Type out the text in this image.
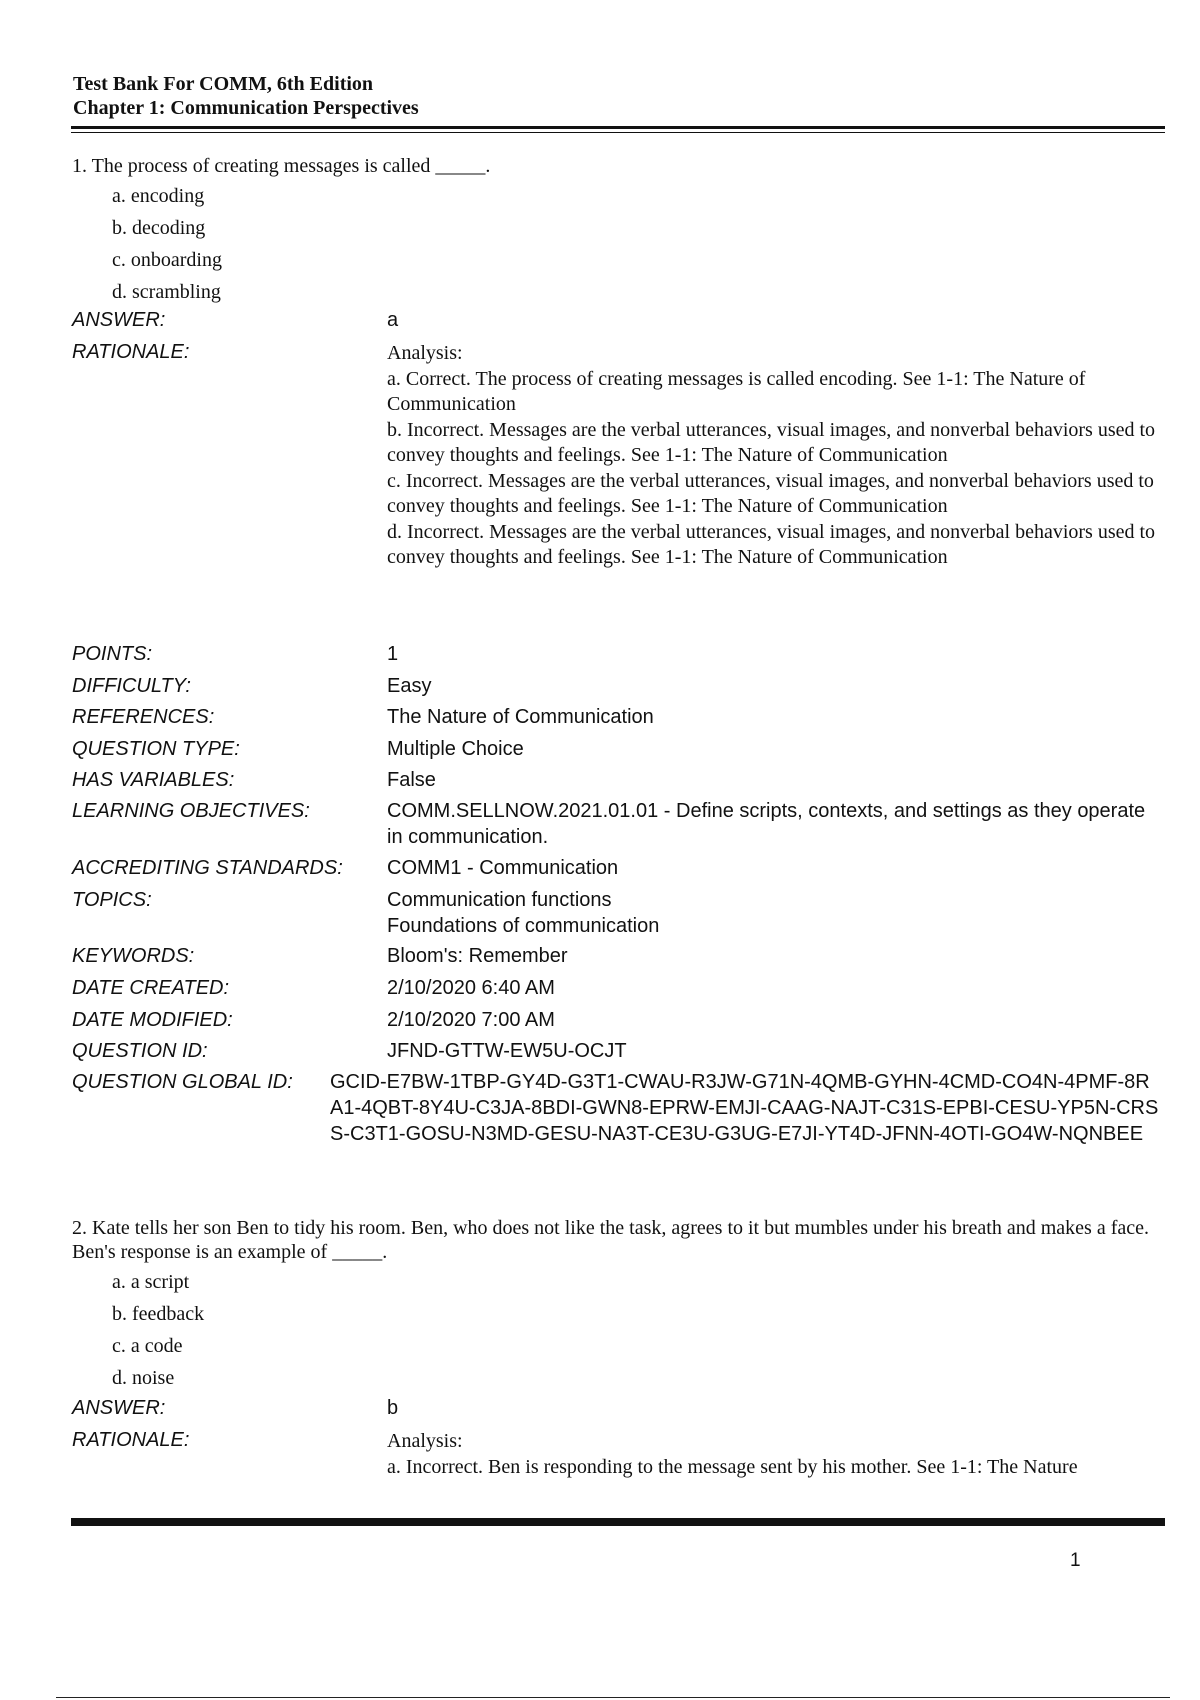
Test Bank For COMM, 6th Edition
Chapter 1: Communication Perspectives
1. The process of creating messages is called _____.
a. encoding
b. decoding
c. onboarding
d. scrambling
ANSWER:	a
RATIONALE:	Analysis:
a. Correct. The process of creating messages is called encoding. See 1-1: The Nature of Communication
b. Incorrect. Messages are the verbal utterances, visual images, and nonverbal behaviors used to convey thoughts and feelings. See 1-1: The Nature of Communication
c. Incorrect. Messages are the verbal utterances, visual images, and nonverbal behaviors used to convey thoughts and feelings. See 1-1: The Nature of Communication
d. Incorrect. Messages are the verbal utterances, visual images, and nonverbal behaviors used to convey thoughts and feelings. See 1-1: The Nature of Communication
POINTS:	1
DIFFICULTY:	Easy
REFERENCES:	The Nature of Communication
QUESTION TYPE:	Multiple Choice
HAS VARIABLES:	False
LEARNING OBJECTIVES:	COMM.SELLNOW.2021.01.01 - Define scripts, contexts, and settings as they operate in communication.
ACCREDITING STANDARDS:	COMM1 - Communication
TOPICS:	Communication functions
Foundations of communication
KEYWORDS:	Bloom's: Remember
DATE CREATED:	2/10/2020 6:40 AM
DATE MODIFIED:	2/10/2020 7:00 AM
QUESTION ID:	JFND-GTTW-EW5U-OCJT
QUESTION GLOBAL ID:	GCID-E7BW-1TBP-GY4D-G3T1-CWAU-R3JW-G71N-4QMB-GYHN-4CMD-CO4N-4PMF-8RA1-4QBT-8Y4U-C3JA-8BDI-GWN8-EPRW-EMJI-CAAG-NAJT-C31S-EPBI-CESU-YP5N-CRSS-C3T1-GOSU-N3MD-GESU-NA3T-CE3U-G3UG-E7JI-YT4D-JFNN-4OTI-GO4W-NQNBEE
2. Kate tells her son Ben to tidy his room. Ben, who does not like the task, agrees to it but mumbles under his breath and makes a face. Ben's response is an example of _____.
a. a script
b. feedback
c. a code
d. noise
ANSWER:	b
RATIONALE:	Analysis:
a. Incorrect. Ben is responding to the message sent by his mother. See 1-1: The Nature
1
